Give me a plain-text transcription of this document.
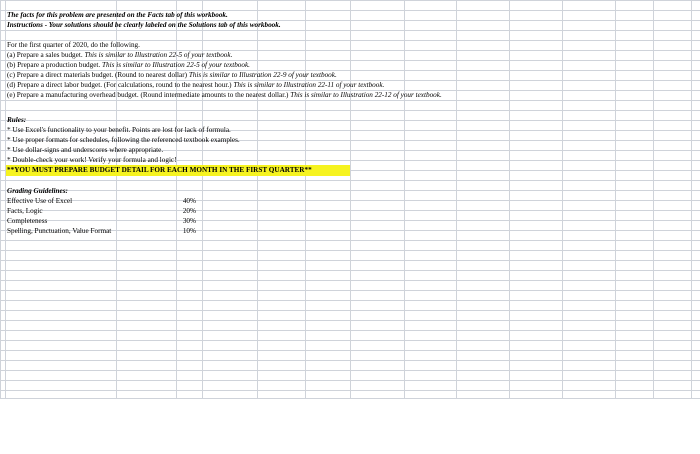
The facts for this problem are presented on the Facts tab of this workbook.
Instructions - Your solutions should be clearly labeled on the Solutions tab of this workbook.
For the first quarter of 2020, do the following.
(a) Prepare a sales budget. This is similar to Illustration 22-5 of your textbook.
(b) Prepare a production budget. This is similar to Illustration 22-5 of your textbook.
(c) Prepare a direct materials budget. (Round to nearest dollar) This is similar to Illustration 22-9 of your textbook.
(d) Prepare a direct labor budget. (For calculations, round to the nearest hour.) This is similar to Illustration 22-11 of your textbook.
(e) Prepare a manufacturing overhead budget. (Round intermediate amounts to the nearest dollar.) This is similar to Illustration 22-12 of your textbook.
Rules:
* Use Excel's functionality to your benefit. Points are lost for lack of formula.
* Use proper formats for schedules, following the referenced textbook examples.
* Use dollar-signs and underscores where appropriate.
* Double-check your work! Verify your formula and logic!
**YOU MUST PREPARE BUDGET DETAIL FOR EACH MONTH IN THE FIRST QUARTER**
Grading Guidelines:
Effective Use of Excel	40%
Facts, Logic	20%
Completeness	30%
Spelling, Punctuation, Value Format	10%
